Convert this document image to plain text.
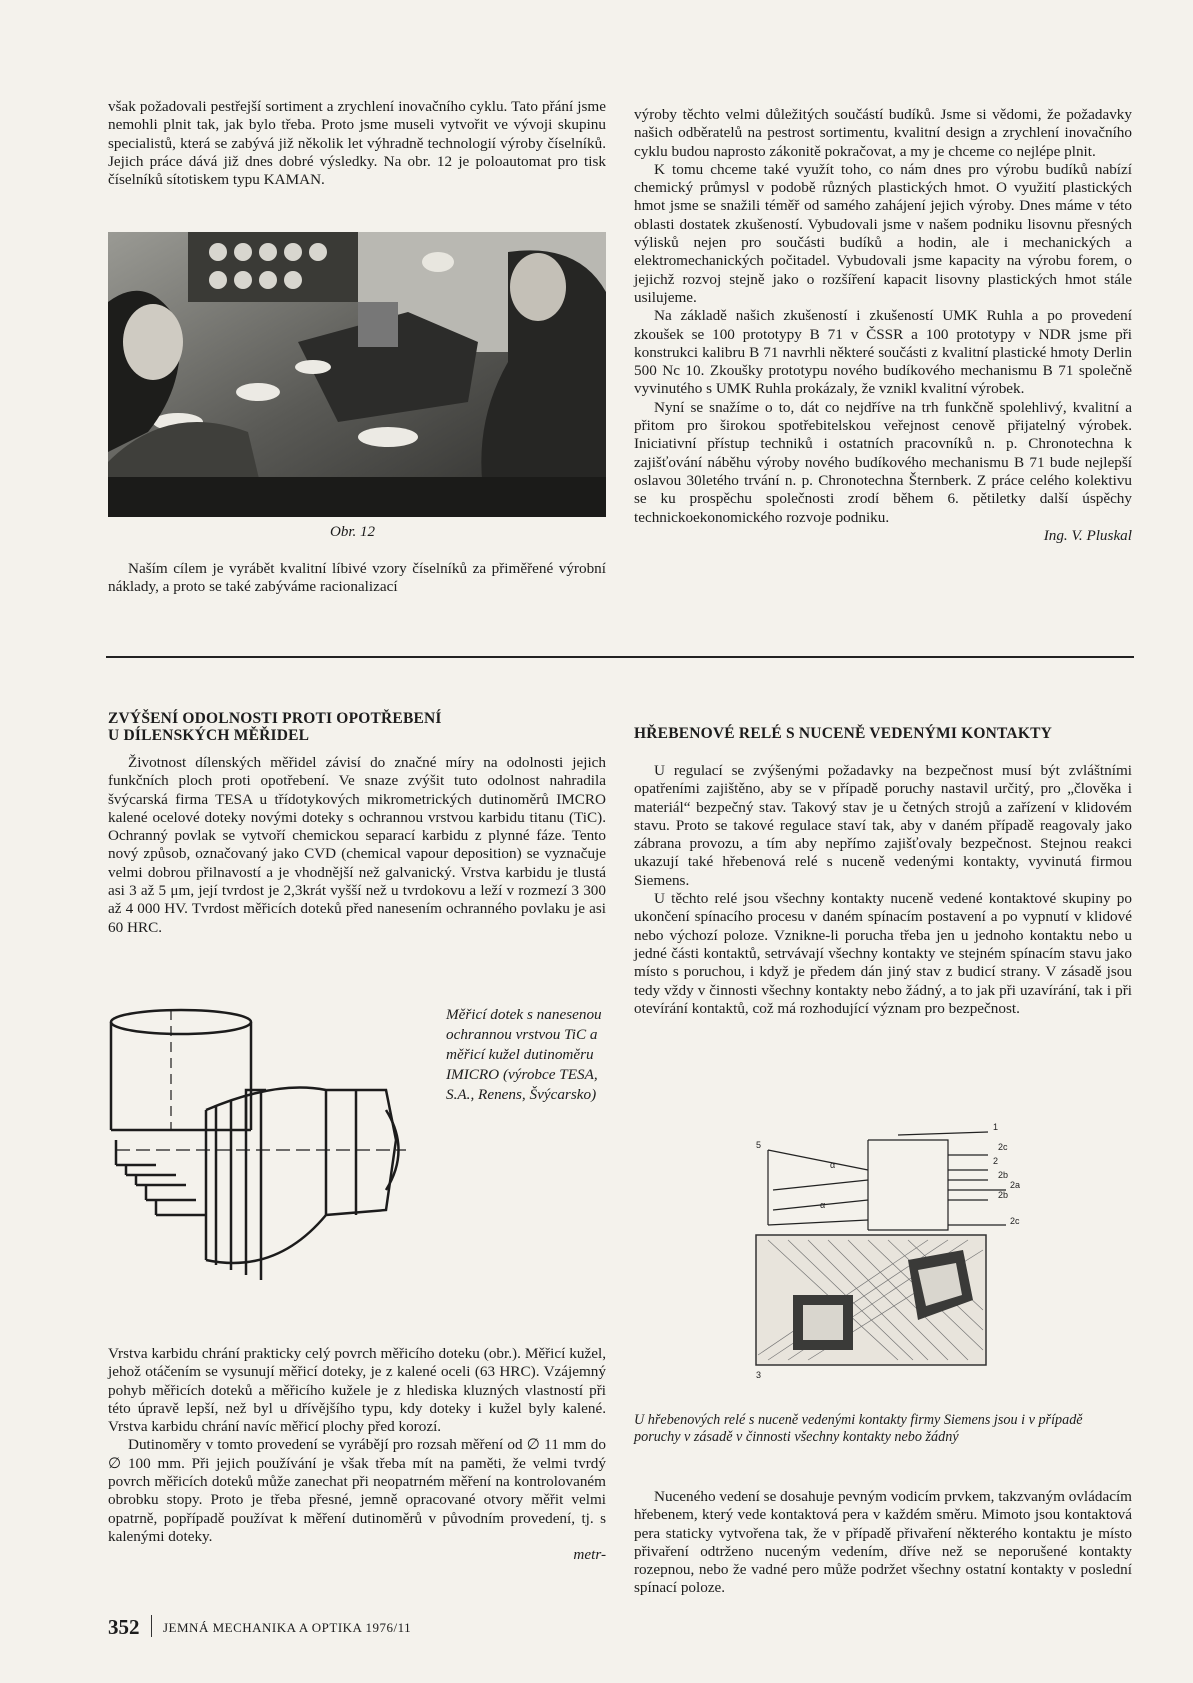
však požadovali pestřejší sortiment a zrychlení inovačního cyklu. Tato přání jsme nemohli plnit tak, jak bylo třeba. Proto jsme museli vytvořit ve vývoji skupinu specialistů, která se zabývá již několik let výhradně technologií výroby číselníků. Jejich práce dává již dnes dobré výsledky. Na obr. 12 je poloautomat pro tisk číselníků sítotiskem typu KAMAN.

Obr. 12

Naším cílem je vyrábět kvalitní líbivé vzory číselníků za přiměřené výrobní náklady, a proto se také zabýváme racionalizací

výroby těchto velmi důležitých součástí budíků. Jsme si vědomi, že požadavky našich odběratelů na pestrost sortimentu, kvalitní design a zrychlení inovačního cyklu budou naprosto zákonitě pokračovat, a my je chceme co nejlépe plnit.

K tomu chceme také využít toho, co nám dnes pro výrobu budíků nabízí chemický průmysl v podobě různých plastických hmot. O využití plastických hmot jsme se snažili téměř od samého zahájení jejich výroby. Dnes máme v této oblasti dostatek zkušeností. Vybudovali jsme v našem podniku lisovnu přesných výlisků nejen pro součásti budíků a hodin, ale i mechanických a elektromechanických počitadel. Vybudovali jsme kapacity na výrobu forem, o jejichž rozvoj stejně jako o rozšíření kapacit lisovny plastických hmot stále usilujeme.

Na základě našich zkušeností i zkušeností UMK Ruhla a po provedení zkoušek se 100 prototypy B 71 v ČSSR a 100 prototypy v NDR jsme při konstrukci kalibru B 71 navrhli některé součásti z kvalitní plastické hmoty Derlin 500 Nc 10. Zkoušky prototypu nového budíkového mechanismu B 71 společně vyvinutého s UMK Ruhla prokázaly, že vznikl kvalitní výrobek.

Nyní se snažíme o to, dát co nejdříve na trh funkčně spolehlivý, kvalitní a přitom pro širokou spotřebitelskou veřejnost cenově přijatelný výrobek. Iniciativní přístup techniků i ostatních pracovníků n. p. Chronotechna k zajišťování náběhu výroby nového budíkového mechanismu B 71 bude nejlepší oslavou 30letého trvání n. p. Chronotechna Šternberk. Z práce celého kolektivu se ku prospěchu společnosti zrodí během 6. pětiletky další úspěchy technickoekonomického rozvoje podniku.

Ing. V. Pluskal
ZVÝŠENÍ ODOLNOSTI PROTI OPOTŘEBENÍ
U DÍLENSKÝCH MĚŘIDEL

Životnost dílenských měřidel závisí do značné míry na odolnosti jejich funkčních ploch proti opotřebení. Ve snaze zvýšit tuto odolnost nahradila švýcarská firma TESA u třídotykových mikrometrických dutinoměrů IMCRO kalené ocelové doteky novými doteky s ochrannou vrstvou karbidu titanu (TiC). Ochranný povlak se vytvoří chemickou separací karbidu z plynné fáze. Tento nový způsob, označovaný jako CVD (chemical vapour deposition) se vyznačuje velmi dobrou přilnavostí a je vhodnější než galvanický. Vrstva karbidu je tlustá asi 3 až 5 μm, její tvrdost je 2,3krát vyšší než u tvrdokovu a leží v rozmezí 3 300 až 4 000 HV. Tvrdost měřicích doteků před nanesením ochranného povlaku je asi 60 HRC.

Měřicí dotek s nanesenou ochrannou vrstvou TiC a měřicí kužel dutinoměru IMICRO (výrobce TESA, S.A., Renens, Švýcarsko)

Vrstva karbidu chrání prakticky celý povrch měřicího doteku (obr.). Měřicí kužel, jehož otáčením se vysunují měřicí doteky, je z kalené oceli (63 HRC). Vzájemný pohyb měřicích doteků a měřicího kužele je z hlediska kluzných vlastností při této úpravě lepší, než byl u dřívějšího typu, kdy doteky i kužel byly kalené. Vrstva karbidu chrání navíc měřicí plochy před korozí.

Dutinoměry v tomto provedení se vyrábějí pro rozsah měření od ∅ 11 mm do ∅ 100 mm. Při jejich používání je však třeba mít na paměti, že velmi tvrdý povrch měřicích doteků může zanechat při neopatrném měření na kontrolovaném obrobku stopy. Proto je třeba přesné, jemně opracované otvory měřit velmi opatrně, popřípadě používat k měření dutinoměrů v původním provedení, tj. s kalenými doteky.

metr-
HŘEBENOVÉ RELÉ S NUCENĚ VEDENÝMI KONTAKTY

U regulací se zvýšenými požadavky na bezpečnost musí být zvláštními opatřeními zajištěno, aby se v případě poruchy nastavil určitý, pro „člověka i materiál“ bezpečný stav. Takový stav je u četných strojů a zařízení v klidovém stavu. Proto se takové regulace staví tak, aby v daném případě reagovaly jako zábrana provozu, a tím aby nepřímo zajišťovaly bezpečnost. Stejnou reakci ukazují také hřebenová relé s nuceně vedenými kontakty, vyvinutá firmou Siemens.

U těchto relé jsou všechny kontakty nuceně vedené kontaktové skupiny po ukončení spínacího procesu v daném spínacím postavení a po vypnutí v klidové nebo výchozí poloze. Vznikne-li porucha třeba jen u jednoho kontaktu nebo u jedné části kontaktů, setrvávají všechny kontakty ve stejném spínacím stavu jako místo s poruchou, i když je předem dán jiný stav z budicí strany. V zásadě jsou tedy vždy v činnosti všechny kontakty nebo žádný, a to jak při uzavírání, tak i při otevírání kontaktů, což má rozhodující význam pro bezpečnost.

1
2c
2
2b
2a
2b
2c
5
α
α
3
U hřebenových relé s nuceně vedenými kontakty firmy Siemens jsou i v případě poruchy v zásadě v činnosti všechny kontakty nebo žádný

Nuceného vedení se dosahuje pevným vodicím prvkem, takzvaným ovládacím hřebenem, který vede kontaktová pera v každém směru. Mimoto jsou kontaktová pera staticky vytvořena tak, že v případě přivaření některého kontaktu je místo přivaření odtrženo nuceným vedením, dříve než se neporušené kontakty rozepnou, nebo že vadné pero může podržet všechny ostatní kontakty v poslední spínací poloze.

352 JEMNÁ MECHANIKA A OPTIKA 1976/11
